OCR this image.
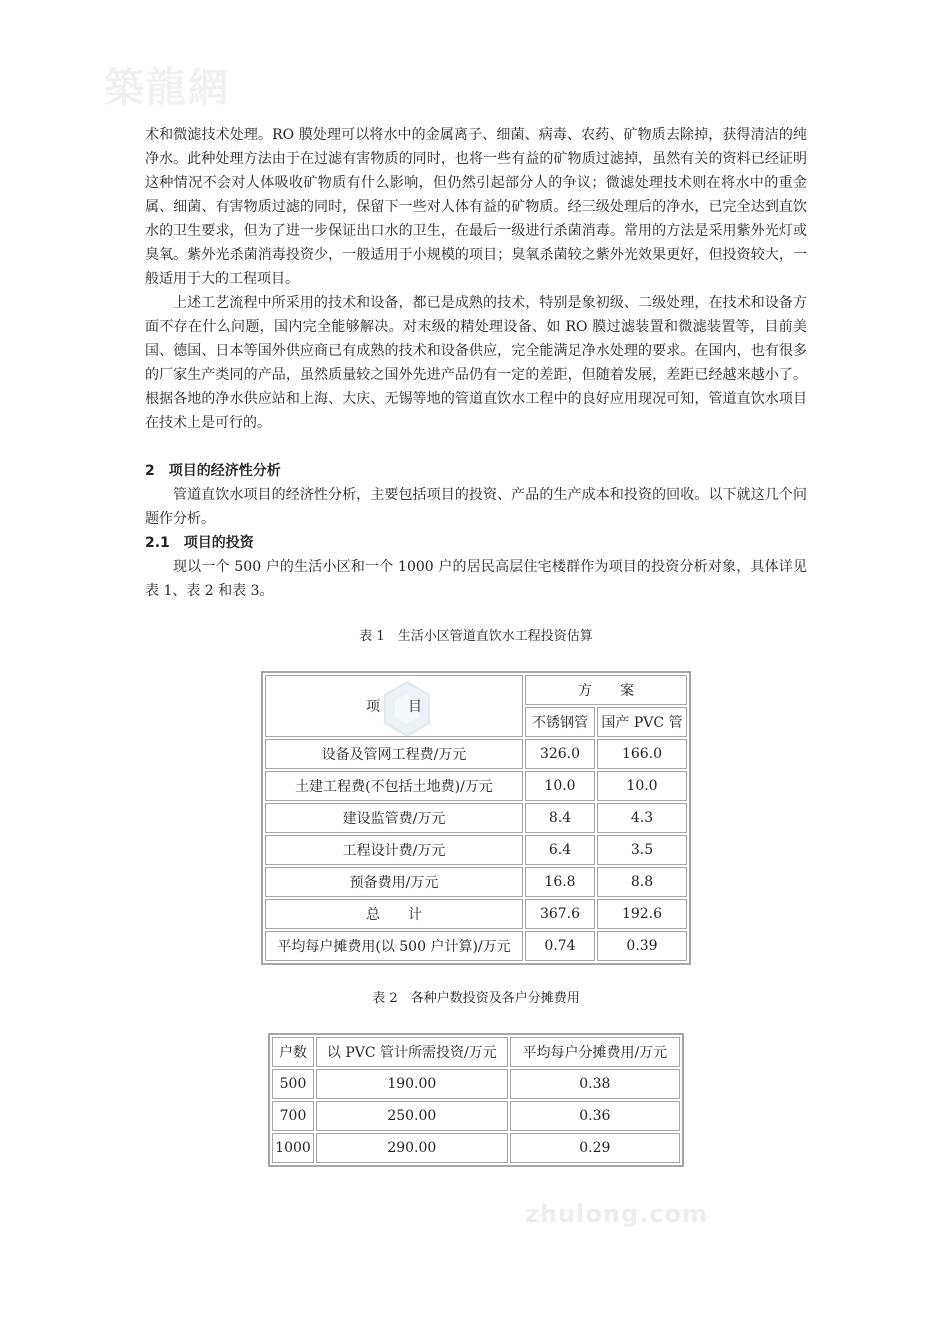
築龍網

术和微滤技术处理。RO 膜处理可以将水中的金属离子、细菌、病毒、农药、矿物质去除掉，获得清洁的纯净水。此种处理方法由于在过滤有害物质的同时，也将一些有益的矿物质过滤掉，虽然有关的资料已经证明这种情况不会对人体吸收矿物质有什么影响，但仍然引起部分人的争议；微滤处理技术则在将水中的重金属、细菌、有害物质过滤的同时，保留下一些对人体有益的矿物质。经三级处理后的净水，已完全达到直饮水的卫生要求，但为了进一步保证出口水的卫生，在最后一级进行杀菌消毒。常用的方法是采用紫外光灯或臭氧。紫外光杀菌消毒投资少，一般适用于小规模的项目；臭氧杀菌较之紫外光效果更好，但投资较大，一般适用于大的工程项目。

上述工艺流程中所采用的技术和设备，都已是成熟的技术，特别是象初级、二级处理，在技术和设备方面不存在什么问题，国内完全能够解决。对末级的精处理设备、如 RO 膜过滤装置和微滤装置等，目前美国、德国、日本等国外供应商已有成熟的技术和设备供应，完全能满足净水处理的要求。在国内，也有很多的厂家生产类同的产品，虽然质量较之国外先进产品仍有一定的差距，但随着发展，差距已经越来越小了。根据各地的净水供应站和上海、大庆、无锡等地的管道直饮水工程中的良好应用现况可知，管道直饮水项目在技术上是可行的。

2　项目的经济性分析

管道直饮水项目的经济性分析，主要包括项目的投资、产品的生产成本和投资的回收。以下就这几个问题作分析。

2.1　项目的投资

现以一个 500 户的生活小区和一个 1000 户的居民高层住宅楼群作为项目的投资分析对象，具体详见表 1、表 2 和表 3。

表 1　生活小区管道直饮水工程投资估算
项　　目	方　　案	
	不锈钢管	国产 PVC 管
设备及管网工程费/万元	326.0	166.0
土建工程费(不包括土地费)/万元	10.0	10.0
建设监管费/万元	8.4	4.3
工程设计费/万元	6.4	3.5
预备费用/万元	16.8	8.8
总　　计	367.6	192.6
平均每户摊费用(以 500 户计算)/万元	0.74	0.39
表 2　各种户数投资及各户分摊费用
户数	以 PVC 管计所需投资/万元	平均每户分摊费用/万元
500	190.00	0.38
700	250.00	0.36
1000	290.00	0.29
zhulong.com
